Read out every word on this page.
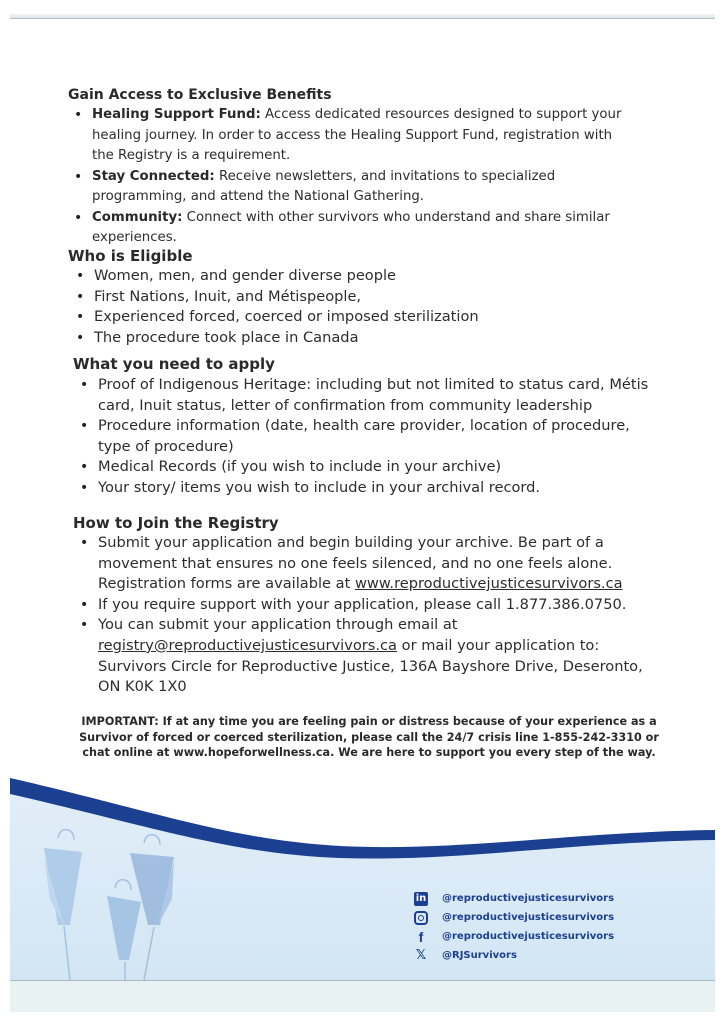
Gain Access to Exclusive Benefits
• Healing Support Fund: Access dedicated resources designed to support your healing journey. In order to access the Healing Support Fund, registration with the Registry is a requirement.
• Stay Connected: Receive newsletters, and invitations to specialized programming, and attend the National Gathering.
• Community: Connect with other survivors who understand and share similar experiences.
Who is Eligible
• Women, men, and gender diverse people
• First Nations, Inuit, and Métispeople,
• Experienced forced, coerced or imposed sterilization
• The procedure took place in Canada
What you need to apply
• Proof of Indigenous Heritage: including but not limited to status card, Métis card, Inuit status, letter of confirmation from community leadership
• Procedure information (date, health care provider, location of procedure, type of procedure)
• Medical Records (if you wish to include in your archive)
• Your story/ items you wish to include in your archival record.
How to Join the Registry
• Submit your application and begin building your archive. Be part of a movement that ensures no one feels silenced, and no one feels alone. Registration forms are available at www.reproductivejusticesurvivors.ca
• If you require support with your application, please call 1.877.386.0750.
• You can submit your application through email at registry@reproductivejusticesurvivors.ca or mail your application to: Survivors Circle for Reproductive Justice, 136A Bayshore Drive, Deseronto, ON K0K 1X0
IMPORTANT: If at any time you are feeling pain or distress because of your experience as a Survivor of forced or coerced sterilization, please call the 24/7 crisis line 1-855-242-3310 or chat online at www.hopeforwellness.ca. We are here to support you every step of the way.
in @reproductivejusticesurvivors
@reproductivejusticesurvivors
f	@reproductivejusticesurvivors
𝕏 @RJSurvivors
